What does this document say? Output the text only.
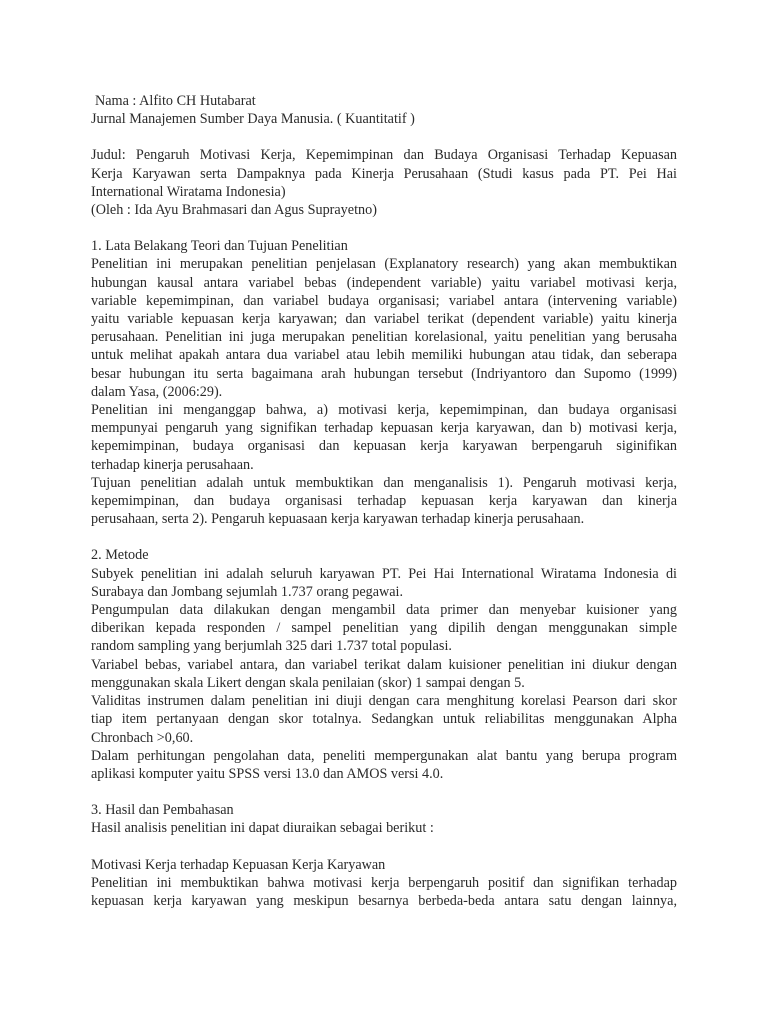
Nama : Alfito CH Hutabarat
Jurnal Manajemen Sumber Daya Manusia. ( Kuantitatif )
Judul: Pengaruh Motivasi Kerja, Kepemimpinan dan Budaya Organisasi Terhadap Kepuasan
Kerja Karyawan serta Dampaknya pada Kinerja Perusahaan (Studi kasus pada PT. Pei Hai
International Wiratama Indonesia)
(Oleh : Ida Ayu Brahmasari dan Agus Suprayetno)
1. Lata Belakang Teori dan Tujuan Penelitian
Penelitian ini merupakan penelitian penjelasan (Explanatory research) yang akan membuktikan
hubungan kausal antara variabel bebas (independent variable) yaitu variabel motivasi kerja,
variable kepemimpinan, dan variabel budaya organisasi; variabel antara (intervening variable)
yaitu variable kepuasan kerja karyawan; dan variabel terikat (dependent variable) yaitu kinerja
perusahaan. Penelitian ini juga merupakan penelitian korelasional, yaitu penelitian yang berusaha
untuk melihat apakah antara dua variabel atau lebih memiliki hubungan atau tidak, dan seberapa
besar hubungan itu serta bagaimana arah hubungan tersebut (Indriyantoro dan Supomo (1999)
dalam Yasa, (2006:29).
Penelitian ini menganggap bahwa, a) motivasi kerja, kepemimpinan, dan budaya organisasi
mempunyai pengaruh yang signifikan terhadap kepuasan kerja karyawan, dan b) motivasi kerja,
kepemimpinan, budaya organisasi dan kepuasan kerja karyawan berpengaruh siginifikan
terhadap kinerja perusahaan.
Tujuan penelitian adalah untuk membuktikan dan menganalisis 1). Pengaruh motivasi kerja,
kepemimpinan, dan budaya organisasi terhadap kepuasan kerja karyawan dan kinerja
perusahaan, serta 2). Pengaruh kepuasaan kerja karyawan terhadap kinerja perusahaan.
2. Metode
Subyek penelitian ini adalah seluruh karyawan PT. Pei Hai International Wiratama Indonesia di
Surabaya dan Jombang sejumlah 1.737 orang pegawai.
Pengumpulan data dilakukan dengan mengambil data primer dan menyebar kuisioner yang
diberikan kepada responden / sampel penelitian yang dipilih dengan menggunakan simple
random sampling yang berjumlah 325 dari 1.737 total populasi.
Variabel bebas, variabel antara, dan variabel terikat dalam kuisioner penelitian ini diukur dengan
menggunakan skala Likert dengan skala penilaian (skor) 1 sampai dengan 5.
Validitas instrumen dalam penelitian ini diuji dengan cara menghitung korelasi Pearson dari skor
tiap item pertanyaan dengan skor totalnya. Sedangkan untuk reliabilitas menggunakan Alpha
Chronbach >0,60.
Dalam perhitungan pengolahan data, peneliti mempergunakan alat bantu yang berupa program
aplikasi komputer yaitu SPSS versi 13.0 dan AMOS versi 4.0.
3. Hasil dan Pembahasan
Hasil analisis penelitian ini dapat diuraikan sebagai berikut :
Motivasi Kerja terhadap Kepuasan Kerja Karyawan
Penelitian ini membuktikan bahwa motivasi kerja berpengaruh positif dan signifikan terhadap
kepuasan kerja karyawan yang meskipun besarnya berbeda-beda antara satu dengan lainnya,
